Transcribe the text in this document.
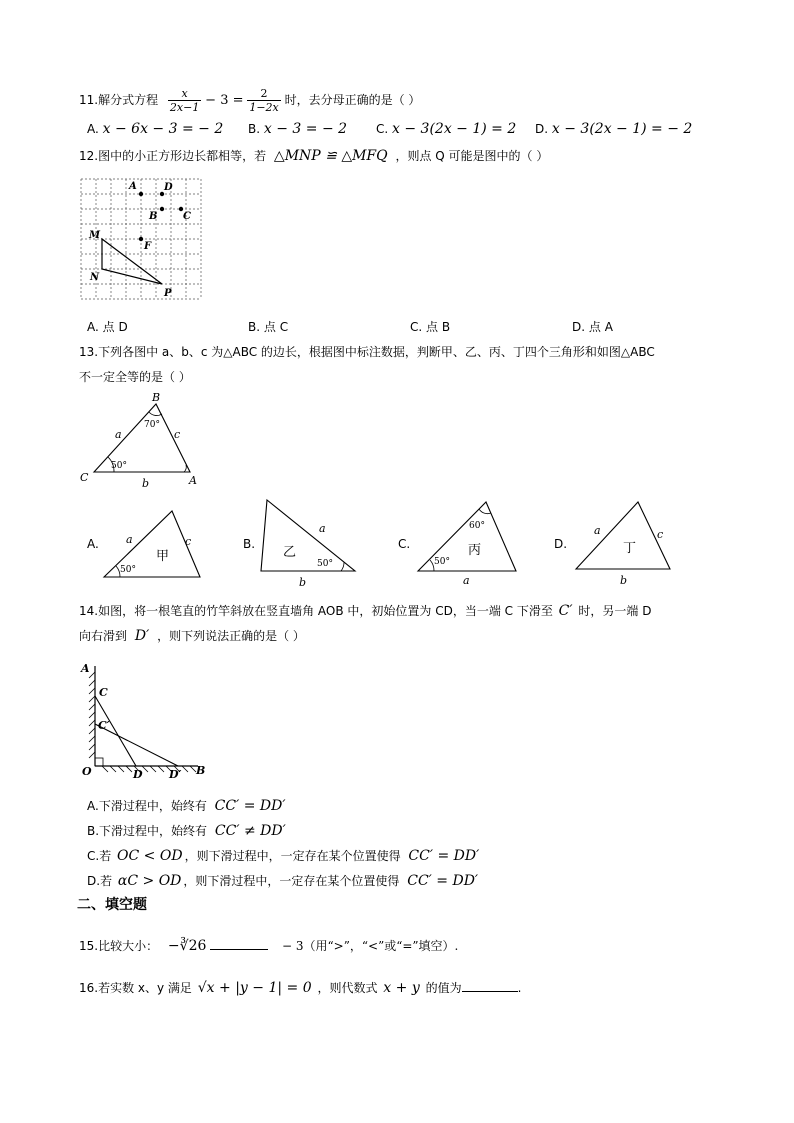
11.解分式方程 $\frac{x}{2x-1} - 3 = \frac{2}{1-2x}$ 时，去分母正确的是（ ）
A. x − 6x − 3 = − 2 B. x − 3 = − 2 C. x − 3(2x − 1) = 2 D. x − 3(2x − 1) = − 2
12.图中的小正方形边长都相等，若 △MNP ≌ △MFQ ，则点 Q 可能是图中的（ ）
A	D
B	C
M
F
N
P
A. 点 D	B. 点 C	C. 点 B	D. 点 A
13.下列各图中 a、b、c 为△ABC 的边长，根据图中标注数据，判断甲、乙、丙、丁四个三角形和如图△ABC
不一定全等的是（ ）
B
C	A
a
b
c
70°
50°
A. a	c
50°
甲
B.
a
b
50°
乙
C.
60°
50°
a
丙	D.
a	c
b
丁
14.如图，将一根笔直的竹竿斜放在竖直墙角 AOB 中，初始位置为 CD，当一端 C 下滑至 C′ 时，另一端 D
向右滑到 D′ ，则下列说法正确的是（ ）
A
C
C′
O	D D′ B
A.下滑过程中，始终有 CC′ = DD′
B.下滑过程中，始终有 CC′ ≠ DD′
C.若 OC < OD ，则下滑过程中，一定存在某个位置使得 CC′ = DD′
D.若 αC > OD ，则下滑过程中，一定存在某个位置使得 CC′ = DD′
二、填空题
15.比较大小： −∛26	− 3（用“>”，“<”或“=”填空）.
16.若实数 x、y 满足 √x + |y − 1| = 0 ，则代数式 x + y 的值为	.
